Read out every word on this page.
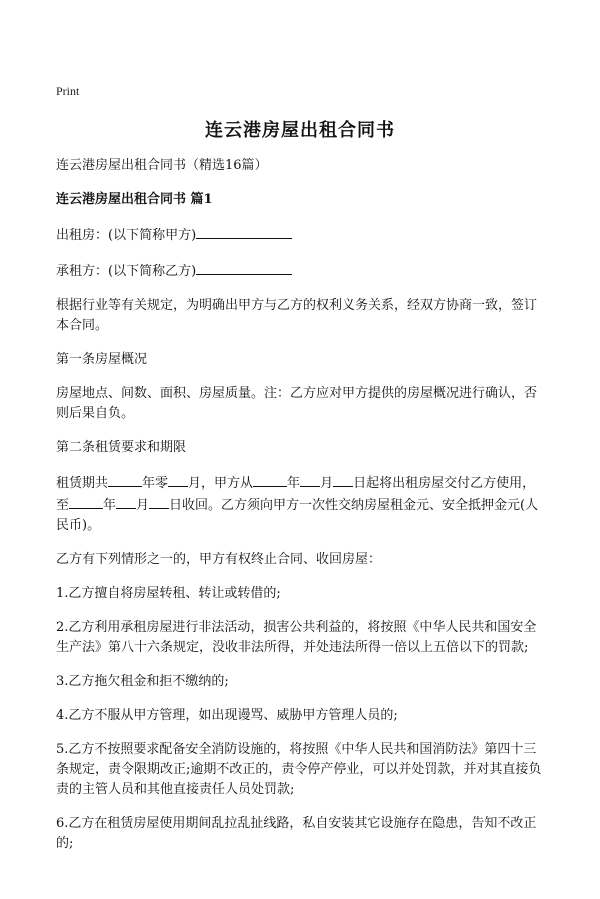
Print
连云港房屋出租合同书

连云港房屋出租合同书（精选16篇）

连云港房屋出租合同书 篇1

出租房：(以下简称甲方)

承租方：(以下简称乙方)

根据行业等有关规定，为明确出甲方与乙方的权利义务关系，经双方协商一致，签订本合同。

第一条房屋概况

房屋地点、间数、面积、房屋质量。注：乙方应对甲方提供的房屋概况进行确认，否则后果自负。

第二条租赁要求和期限

租赁期共	年零 月，甲方从	年 月 日起将出租房屋交付乙方使用，至	年 月 日收回。乙方须向甲方一次性交纳房屋租金元、安全抵押金元(人民币)。

乙方有下列情形之一的，甲方有权终止合同、收回房屋：

1.乙方擅自将房屋转租、转让或转借的;

2.乙方利用承租房屋进行非法活动，损害公共利益的，将按照《中华人民共和国安全生产法》第八十六条规定，没收非法所得，并处违法所得一倍以上五倍以下的罚款;

3.乙方拖欠租金和拒不缴纳的;

4.乙方不服从甲方管理，如出现谩骂、威胁甲方管理人员的;

5.乙方不按照要求配备安全消防设施的，将按照《中华人民共和国消防法》第四十三条规定，责令限期改正;逾期不改正的，责令停产停业，可以并处罚款，并对其直接负责的主管人员和其他直接责任人员处罚款;

6.乙方在租赁房屋使用期间乱拉乱扯线路，私自安装其它设施存在隐患，告知不改正的;
